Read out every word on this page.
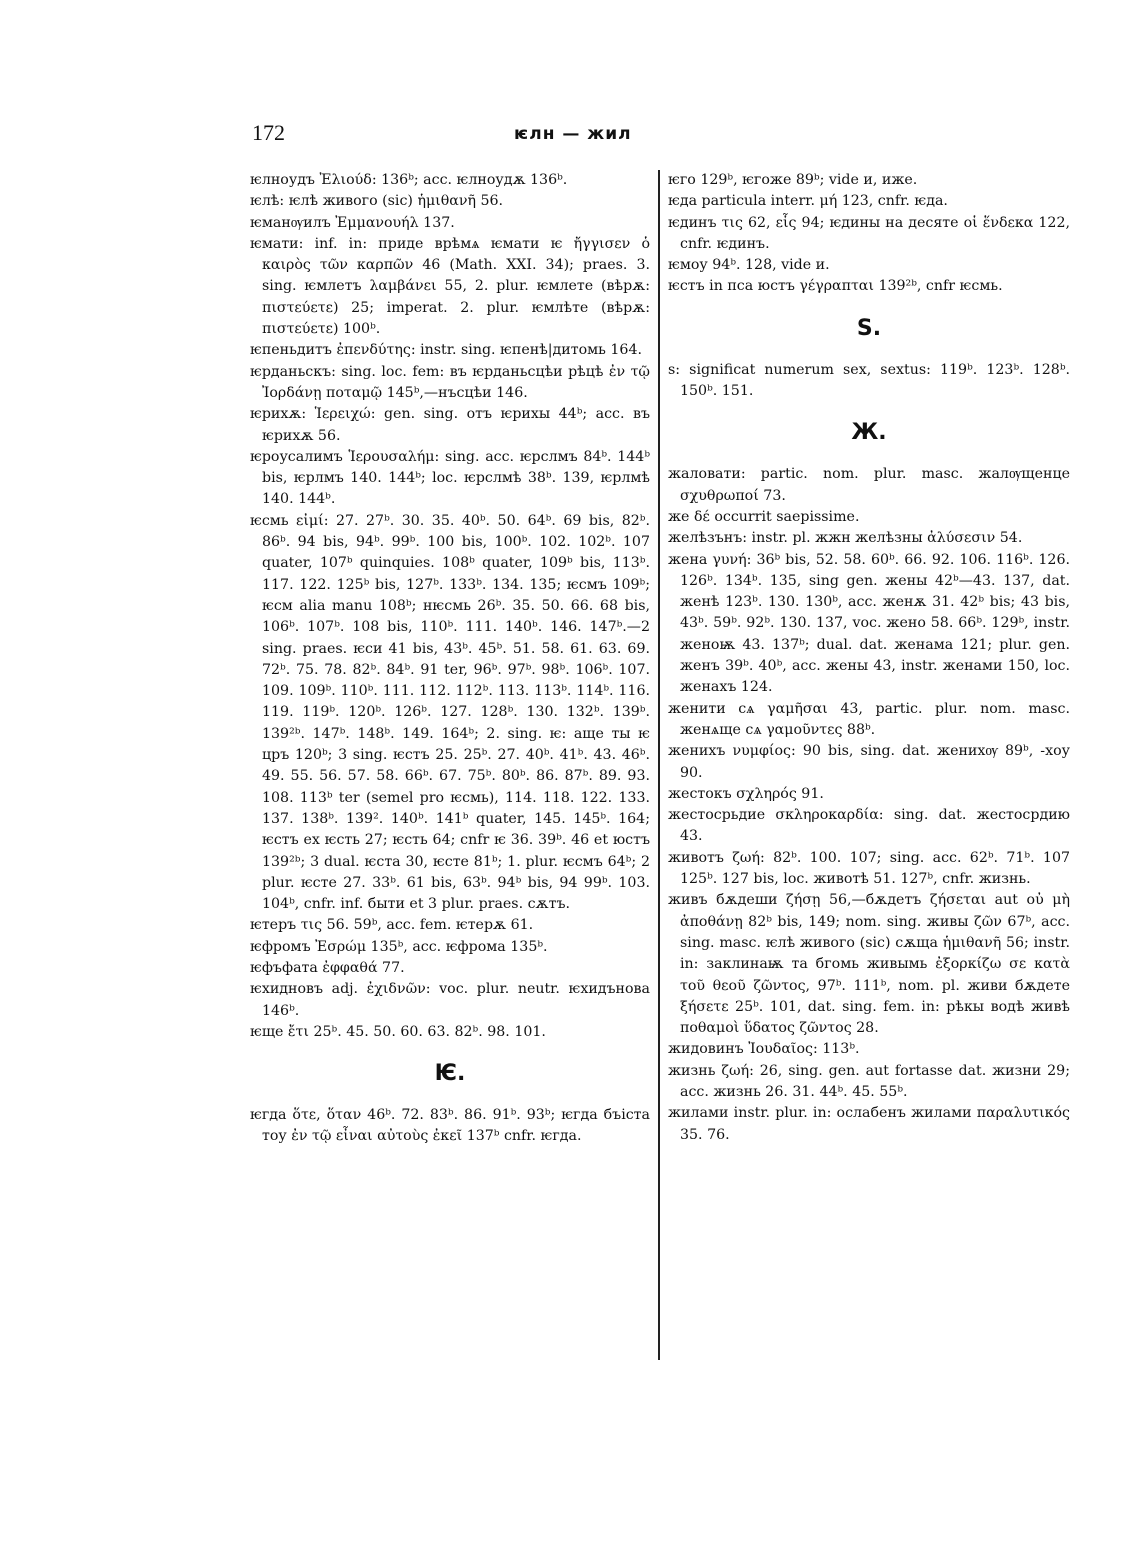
172	ѥлн — жил
ѥлноудъ Ἐλιούδ: 136ᵇ; acc. ѥлноудѫ 136ᵇ.
ѥлѣ: ѥлѣ живого (sic) ἡμιθανῆ 56.
ѥманѹилъ Ἐμμανουήλ 137.
ѥмати: inf. in: приде врѣмѧ ѥмати ѥ ἤγγισεν ὁ καιρὸς τῶν καρπῶν 46 (Math. XXI. 34); praes. 3. sing. ѥмлетъ λαμβάνει 55, 2. plur. ѥмлете (вѣрѫ: πιστεύετε) 25; imperat. 2. plur. ѥмлѣте (вѣрѫ: πιστεύετε) 100ᵇ.
ѥпеньдитъ ἐπενδύτης: instr. sing. ѥпенѣ|дитомь 164.
ѥрданьскъ: sing. loc. fem: въ ѥрданьсцѣи рѣцѣ ἐν τῷ Ἰορδάνῃ ποταμῷ 145ᵇ,—нъсцѣи 146.
ѥрихѫ: Ἱερειχώ: gen. sing. отъ ѥрихы 44ᵇ; acc. въ ѥрихѫ 56.
ѥроусалимъ Ἱερουσαλήμ: sing. acc. ѥрслмъ 84ᵇ. 144ᵇ bis, ѥрлмъ 140. 144ᵇ; loc. ѥрслмѣ 38ᵇ. 139, ѥрлмѣ 140. 144ᵇ.
ѥсмь εἰμί: 27. 27ᵇ. 30. 35. 40ᵇ. 50. 64ᵇ. 69 bis, 82ᵇ. 86ᵇ. 94 bis, 94ᵇ. 99ᵇ. 100 bis, 100ᵇ. 102. 102ᵇ. 107 quater, 107ᵇ quinquies. 108ᵇ quater, 109ᵇ bis, 113ᵇ. 117. 122. 125ᵇ bis, 127ᵇ. 133ᵇ. 134. 135; ѥсмъ 109ᵇ; ѥсм alia manu 108ᵇ; нѥсмь 26ᵇ. 35. 50. 66. 68 bis, 106ᵇ. 107ᵇ. 108 bis, 110ᵇ. 111. 140ᵇ. 146. 147ᵇ.—2 sing. praes. ѥси 41 bis, 43ᵇ. 45ᵇ. 51. 58. 61. 63. 69. 72ᵇ. 75. 78. 82ᵇ. 84ᵇ. 91 ter, 96ᵇ. 97ᵇ. 98ᵇ. 106ᵇ. 107. 109. 109ᵇ. 110ᵇ. 111. 112. 112ᵇ. 113. 113ᵇ. 114ᵇ. 116. 119. 119ᵇ. 120ᵇ. 126ᵇ. 127. 128ᵇ. 130. 132ᵇ. 139ᵇ. 139²ᵇ. 147ᵇ. 148ᵇ. 149. 164ᵇ; 2. sing. ѥ: аще ты ѥ цръ 120ᵇ; 3 sing. ѥстъ 25. 25ᵇ. 27. 40ᵇ. 41ᵇ. 43. 46ᵇ. 49. 55. 56. 57. 58. 66ᵇ. 67. 75ᵇ. 80ᵇ. 86. 87ᵇ. 89. 93. 108. 113ᵇ ter (semel pro ѥсмь), 114. 118. 122. 133. 137. 138ᵇ. 139². 140ᵇ. 141ᵇ quater, 145. 145ᵇ. 164; ѥстъ ex ѥсть 27; ѥсть 64; cnfr ѥ 36. 39ᵇ. 46 et юстъ 139²ᵇ; 3 dual. ѥста 30, ѥсте 81ᵇ; 1. plur. ѥсмъ 64ᵇ; 2 plur. ѥсте 27. 33ᵇ. 61 bis, 63ᵇ. 94ᵇ bis, 94 99ᵇ. 103. 104ᵇ, cnfr. inf. быти et 3 plur. praes. сѫтъ.
ѥтеръ τις 56. 59ᵇ, acc. fem. ѥтерѫ 61.
ѥфромъ Ἐσρώμ 135ᵇ, acc. ѥфрома 135ᵇ.
ѥфъфата ἐφφαθά 77.
ѥхидновъ adj. ἐχιδνῶν: voc. plur. neutr. ѥхидънова 146ᵇ.
ѥще ἔτι 25ᵇ. 45. 50. 60. 63. 82ᵇ. 98. 101.
Ѥ.
ѥгда ὅτε, ὅταν 46ᵇ. 72. 83ᵇ. 86. 91ᵇ. 93ᵇ; ѥгда бъіста тоу ἐν τῷ εἶναι αὐτοὺς ἐκεῖ 137ᵇ cnfr. ѥгда.
ѥго 129ᵇ, ѥгоже 89ᵇ; vide и, иже.
ѥда particula interr. μή 123, cnfr. ѥда.
ѥдинъ τις 62, εἷς 94; ѥдины на десяте οἱ ἕνδεκα 122, cnfr. ѥдинъ.
ѥмоу 94ᵇ. 128, vide и.
ѥстъ in пса юстъ γέγραπται 139²ᵇ, cnfr ѥсмь.
S.
ѕ: significat numerum sex, sextus: 119ᵇ. 123ᵇ. 128ᵇ. 150ᵇ. 151.
Ж.
жаловати: partic. nom. plur. masc. жалѹщенце σχυθρωποί 73.
же δέ occurrit saepissime.
желѣзънъ: instr. pl. жжн желѣзны ἀλύσεσιν 54.
жена γυνή: 36ᵇ bis, 52. 58. 60ᵇ. 66. 92. 106. 116ᵇ. 126. 126ᵇ. 134ᵇ. 135, sing gen. жены 42ᵇ—43. 137, dat. женѣ 123ᵇ. 130. 130ᵇ, acc. женѫ 31. 42ᵇ bis; 43 bis, 43ᵇ. 59ᵇ. 92ᵇ. 130. 137, voc. жено 58. 66ᵇ. 129ᵇ, instr. женоѭ 43. 137ᵇ; dual. dat. женама 121; plur. gen. женъ 39ᵇ. 40ᵇ, acc. жены 43, instr. женами 150, loc. женахъ 124.
женити сѧ γαμῆσαι 43, partic. plur. nom. masc. женѧще сѧ γαμοῦντες 88ᵇ.
женихъ νυμφίος: 90 bis, sing. dat. жениxѹ 89ᵇ, -хоу 90.
жестокъ σχληρός 91.
жестосрьдие σκληροκαρδία: sing. dat. жестосрдию 43.
животъ ζωή: 82ᵇ. 100. 107; sing. acc. 62ᵇ. 71ᵇ. 107 125ᵇ. 127 bis, loc. животѣ 51. 127ᵇ, cnfr. жизнь.
живъ бѫдеши ζήσῃ 56,—бѫдетъ ζήσεται aut οὐ μὴ ἀποθάνῃ 82ᵇ bis, 149; nom. sing. живы ζῶν 67ᵇ, acc. sing. masc. ѥлѣ живого (sic) сѫща ἡμιθανῆ 56; instr. in: заклинаѭ та бгомь живымь ἐξορκίζω σε κατὰ τοῦ θεοῦ ζῶντος, 97ᵇ. 111ᵇ, nom. pl. живи бѫдете ξήσετε 25ᵇ. 101, dat. sing. fem. in: рѣкы водѣ живѣ ποθαμοὶ ὕδατος ζῶντος 28.
жидовинъ Ἰουδαῖος: 113ᵇ.
жизнь ζωή: 26, sing. gen. aut fortasse dat. жизни 29; acc. жизнь 26. 31. 44ᵇ. 45. 55ᵇ.
жилами instr. plur. in: ослабенъ жилами παραλυτικός 35. 76.
